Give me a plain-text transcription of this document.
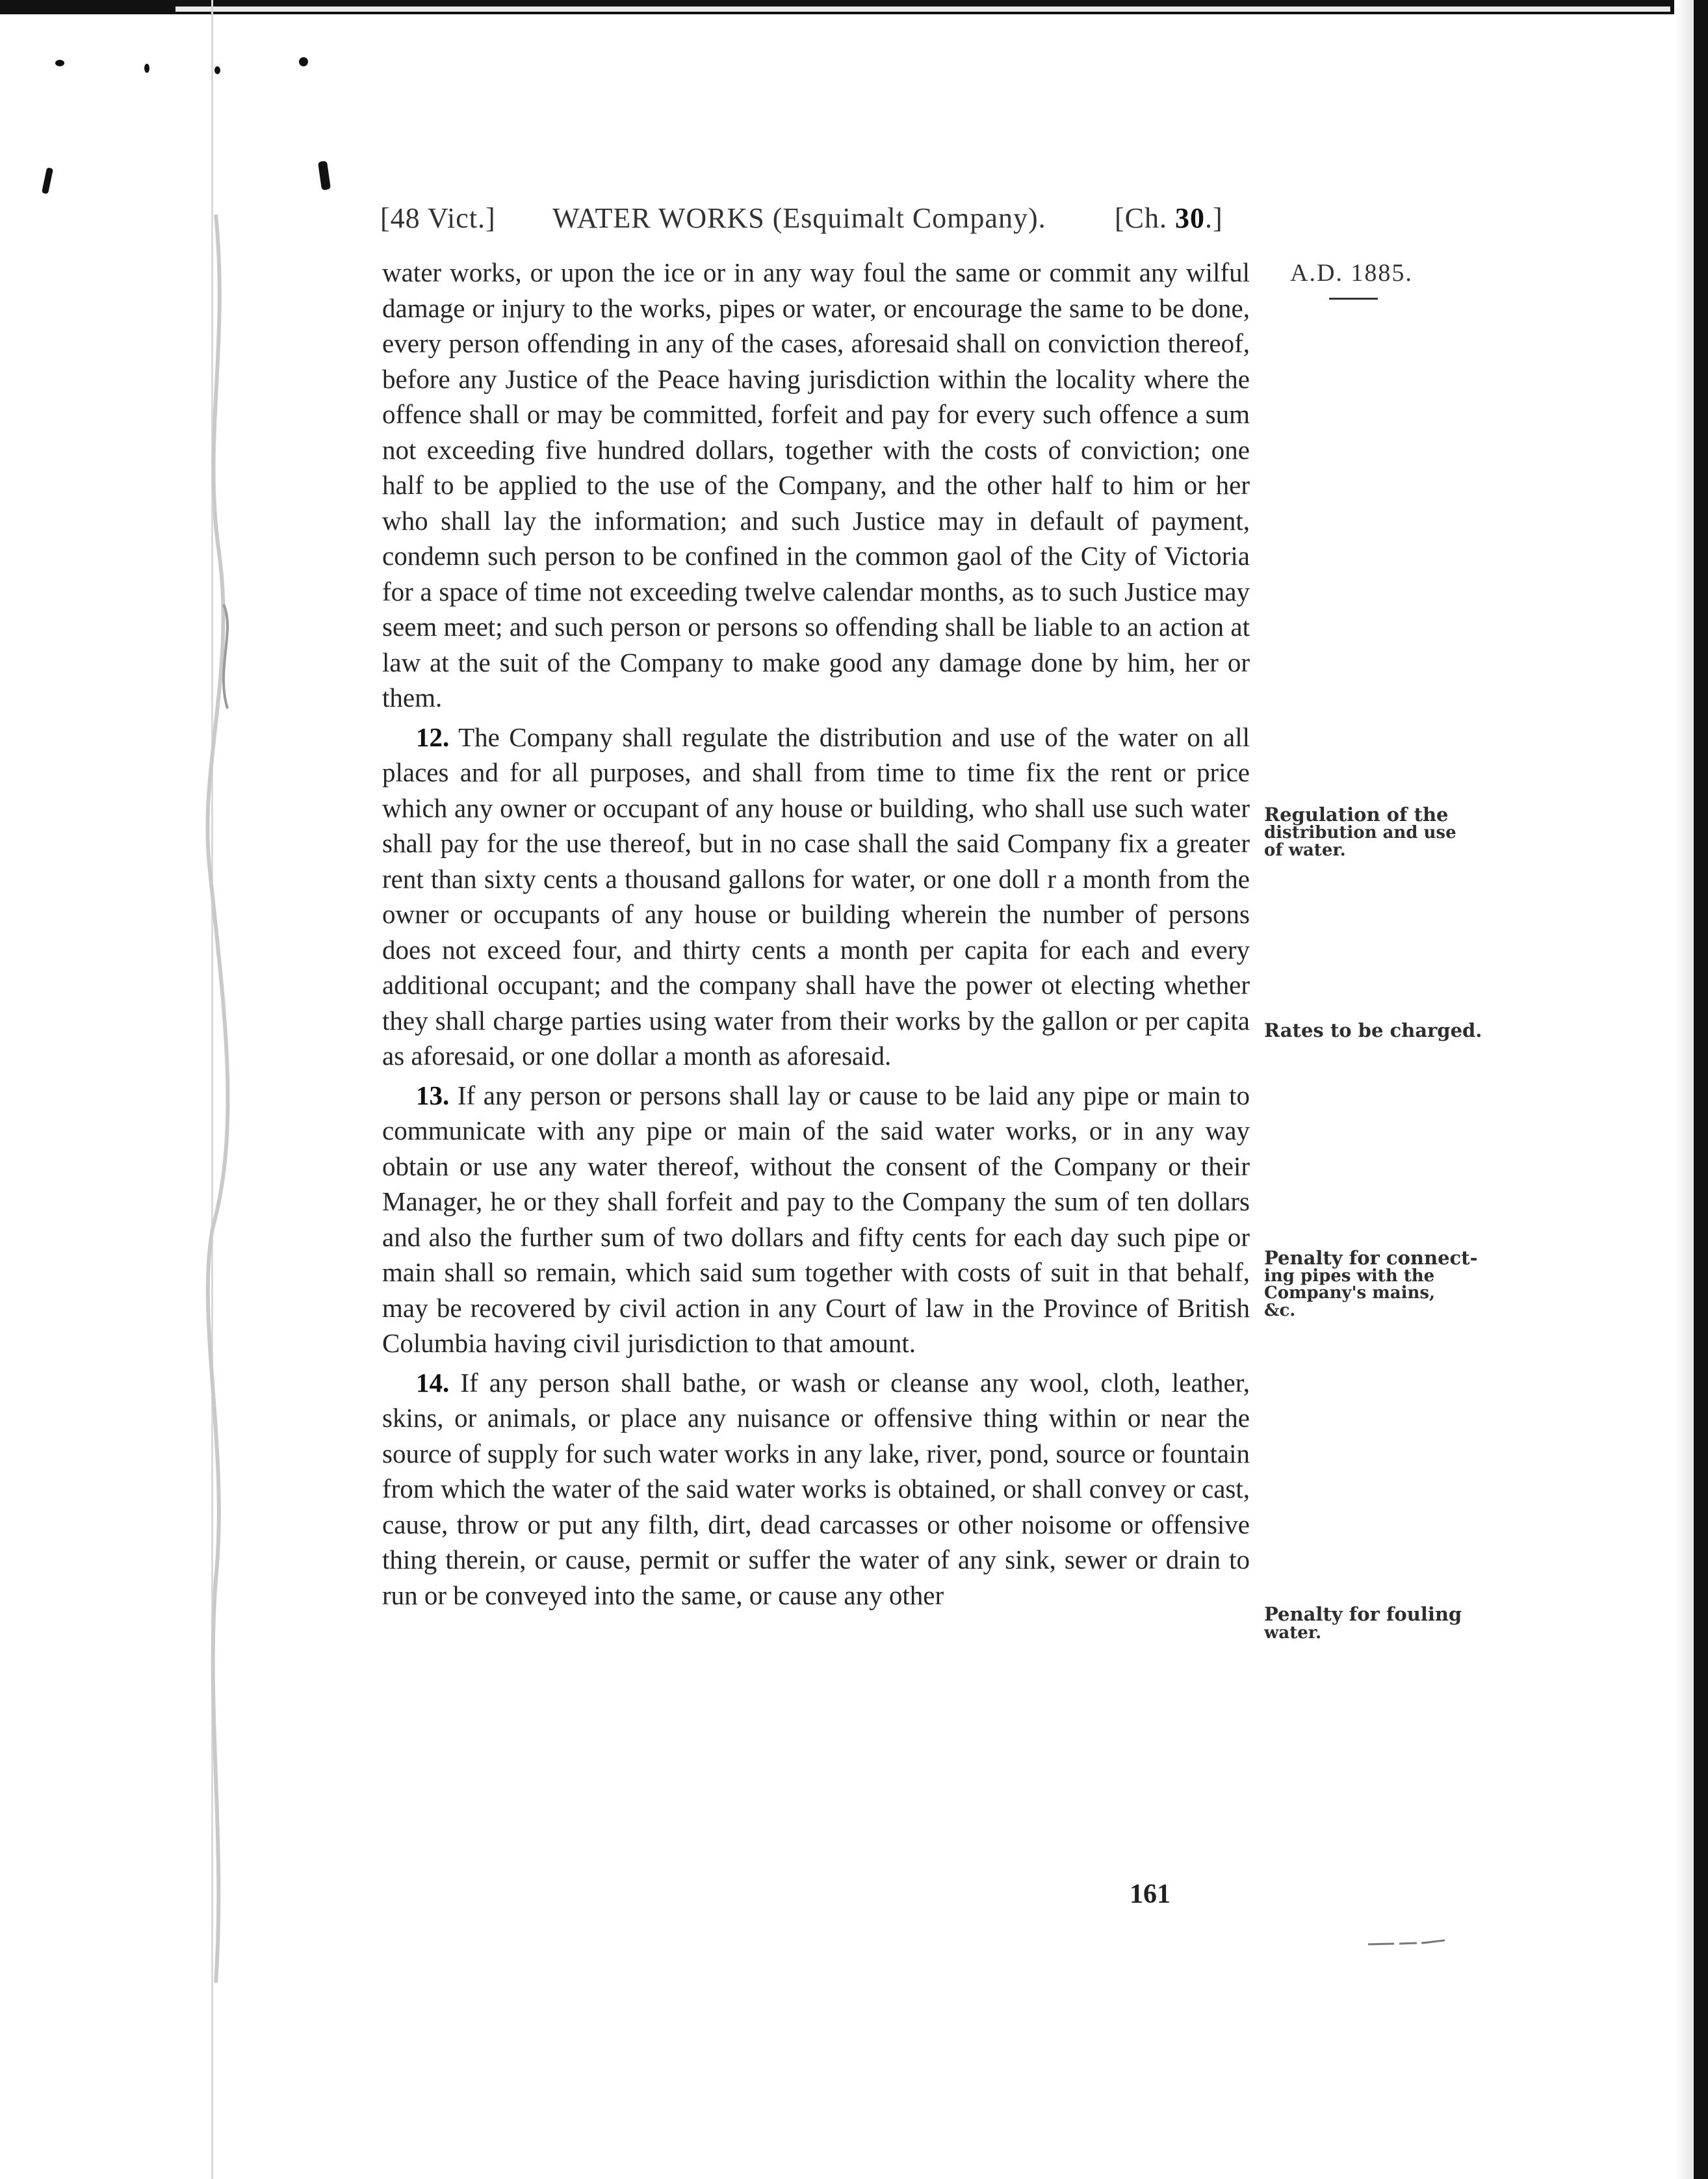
[48 Vict.] WATER WORKS (Esquimalt Company). [Ch. 30.]
A.D. 1885.

water works, or upon the ice or in any way foul the same or commit any wilful damage or injury to the works, pipes or water, or encourage the same to be done, every person offending in any of the cases, aforesaid shall on conviction thereof, before any Justice of the Peace having jurisdiction within the locality where the offence shall or may be committed, forfeit and pay for every such offence a sum not exceeding five hundred dollars, together with the costs of conviction; one half to be applied to the use of the Company, and the other half to him or her who shall lay the information; and such Justice may in default of payment, condemn such person to be confined in the common gaol of the City of Victoria for a space of time not exceeding twelve calendar months, as to such Justice may seem meet; and such person or persons so offending shall be liable to an action at law at the suit of the Company to make good any damage done by him, her or them.

12. The Company shall regulate the distribution and use of the water on all places and for all purposes, and shall from time to time fix the rent or price which any owner or occupant of any house or building, who shall use such water shall pay for the use thereof, but in no case shall the said Company fix a greater rent than sixty cents a thousand gallons for water, or one doll r a month from the owner or occupants of any house or building wherein the number of persons does not exceed four, and thirty cents a month per capita for each and every additional occupant; and the company shall have the power ot electing whether they shall charge parties using water from their works by the gallon or per capita as aforesaid, or one dollar a month as aforesaid.

13. If any person or persons shall lay or cause to be laid any pipe or main to communicate with any pipe or main of the said water works, or in any way obtain or use any water thereof, without the consent of the Company or their Manager, he or they shall forfeit and pay to the Company the sum of ten dollars and also the further sum of two dollars and fifty cents for each day such pipe or main shall so remain, which said sum together with costs of suit in that behalf, may be recovered by civil action in any Court of law in the Province of British Columbia having civil jurisdiction to that amount.

14. If any person shall bathe, or wash or cleanse any wool, cloth, leather, skins, or animals, or place any nuisance or offensive thing within or near the source of supply for such water works in any lake, river, pond, source or fountain from which the water of the said water works is obtained, or shall convey or cast, cause, throw or put any filth, dirt, dead carcasses or other noisome or offensive thing therein, or cause, permit or suffer the water of any sink, sewer or drain to run or be conveyed into the same, or cause any other

Regulation of the
distribution and use
of water.
Rates to be charged.
Penalty for connect-
ing pipes with the
Company's mains,
&c.
Penalty for fouling
water.
161
